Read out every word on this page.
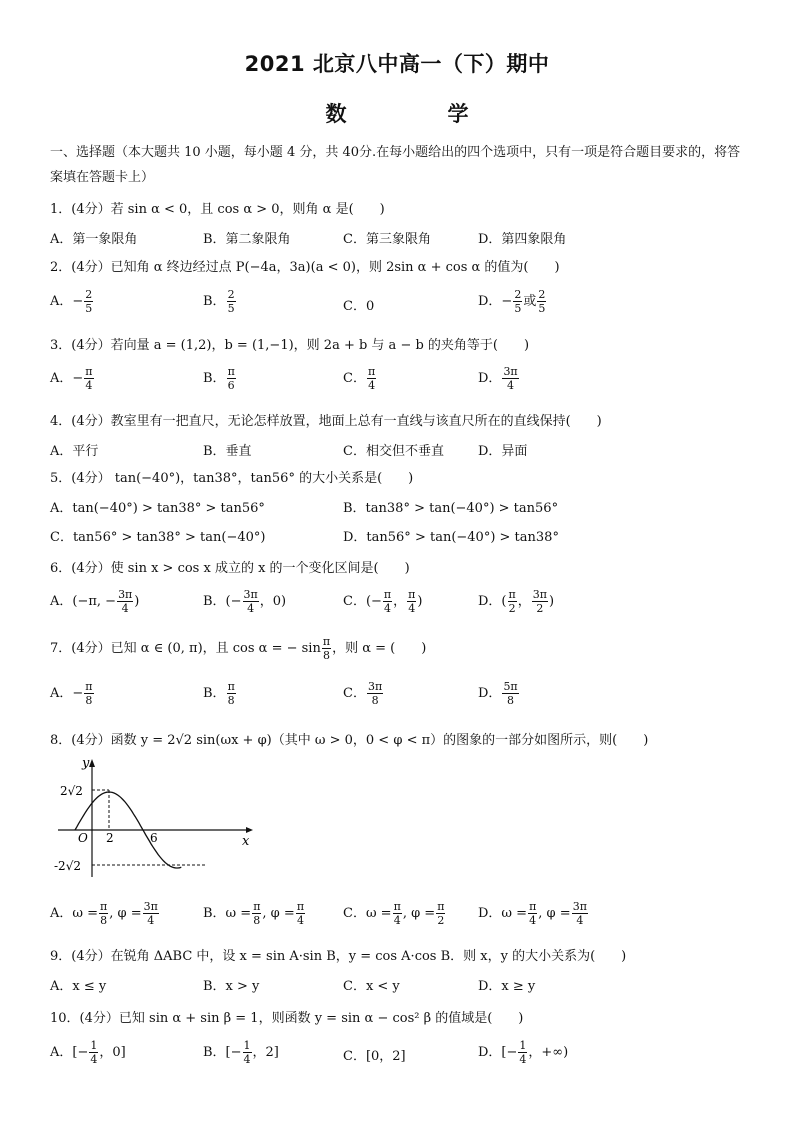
2021 北京八中高一（下）期中
数　学
一、选择题（本大题共 10 小题，每小题 4 分，共 40分.在每小题给出的四个选项中，只有一项是符合题目要求的，将答案填在答题卡上）
1．(4分）若 sin α < 0，且 cos α > 0，则角 α 是(　　)
A．第一象限角	B．第二象限角	C．第三象限角	D．第四象限角
2．(4分）已知角 α 终边经过点 P(−4a，3a)(a < 0)，则 2sin α + cos α 的值为(　　)
A．− $\frac{2}{5}$	B． $\frac{2}{5}$	C．0	D．− $\frac{2}{5}$ 或 $\frac{2}{5}$
3．(4分）若向量 a = (1,2)，b = (1,−1)，则 2a + b 与 a − b 的夹角等于(　　)
A．− $\frac{\pi}{4}$	B． $\frac{\pi}{6}$	C． $\frac{\pi}{4}$	D． $\frac{3\pi}{4}$
4．(4分）教室里有一把直尺，无论怎样放置，地面上总有一直线与该直尺所在的直线保持(　　)
A．平行	B．垂直	C．相交但不垂直	D．异面
5．(4分） tan(−40°)，tan38°，tan56° 的大小关系是(　　)
A．tan(−40°) > tan38° > tan56°	B．tan38° > tan(−40°) > tan56°
C．tan56° > tan38° > tan(−40°)	D．tan56° > tan(−40°) > tan38°
6．(4分）使 sin x > cos x 成立的 x 的一个变化区间是(　　)
A．(−π, − $\frac{3\pi}{4}$ )	B．(− $\frac{3\pi}{4}$ ，0)	C．(− $\frac{\pi}{4}$ ， $\frac{\pi}{4}$ )	D．( $\frac{\pi}{2}$ ， $\frac{3\pi}{2}$ )
7．(4分）已知 α ∈ (0, π)，且 cos α = − $\sin \frac{\pi}{8}$ ，则 α = (　　)
A．− $\frac{\pi}{8}$	B． $\frac{\pi}{8}$	C． $\frac{3\pi}{8}$	D． $\frac{5\pi}{8}$
8．(4分）函数 y = 2√2 sin(ωx + φ)（其中 ω > 0，0 < φ < π）的图象的一部分如图所示，则(　　)
2√2
-2√2
O 2	6	x
y
A．$\omega = \frac{\pi}{8}$ , $\varphi = \frac{3\pi}{4}$	B．$\omega = \frac{\pi}{8}$ , $\varphi = \frac{\pi}{4}$	C．$\omega = \frac{\pi}{4}$ , $\varphi = \frac{\pi}{2}$	D．$\omega = \frac{\pi}{4}$ , $\varphi = \frac{3\pi}{4}$
9．(4分）在锐角 ΔABC 中，设 x = sin A·sin B，y = cos A·cos B．则 x，y 的大小关系为(　　)
A．x ≤ y	B．x > y	C．x < y	D．x ≥ y
10．(4分）已知 sin α + sin β = 1，则函数 y = sin α − cos² β 的值域是(　　)
A．[− $\frac{1}{4}$ ，0]	B．[− $\frac{1}{4}$ ，2]	C．[0，2]	D．[− $\frac{1}{4}$ ，+∞)
